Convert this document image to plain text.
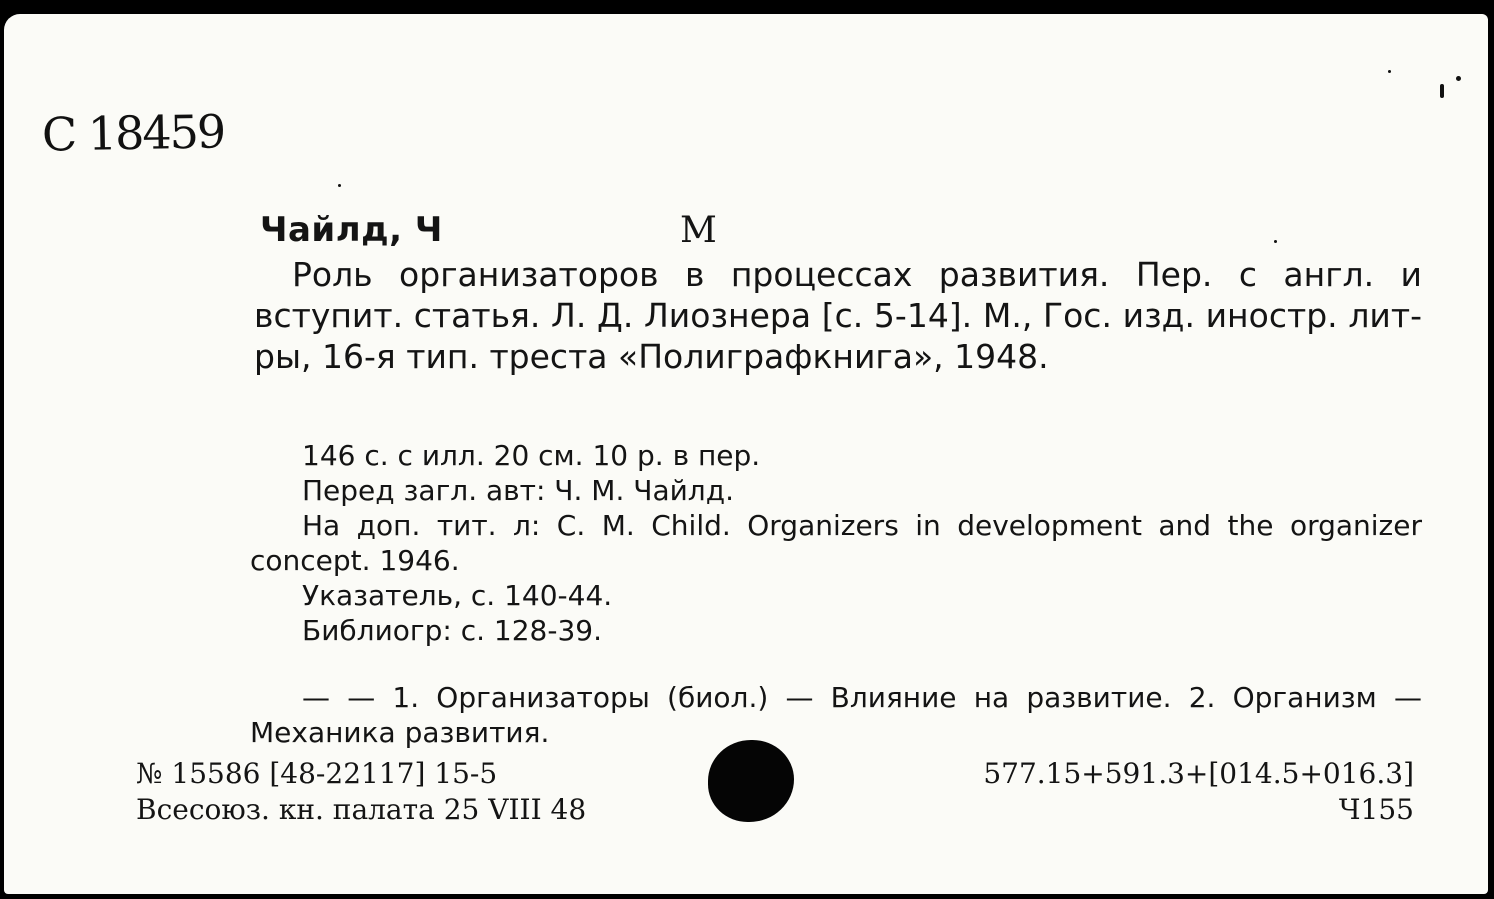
C 18459
Чайлд, Ч	М
Роль организаторов в процессах развития. Пер. с англ. и вступит. статья. Л. Д. Лиознера [с. 5-14]. М., Гос. изд. иностр. лит-ры, 16-я тип. треста «Полиграфкнига», 1948.

146 с. с илл. 20 см. 10 р. в пер.

Перед загл. авт: Ч. М. Чайлд.

На доп. тит. л: С. М. Child. Organizers in development and the organizer concept. 1946.

Указатель, с. 140-44.

Библиогр: с. 128-39.

— — 1. Организаторы (биол.) — Влияние на развитие. 2. Организм — Механика развития.
№ 15586 [48-22117] 15-5
Всесоюз. кн. палата 25 VIII 48
577.15+591.3+[014.5+016.3]
Ч155
